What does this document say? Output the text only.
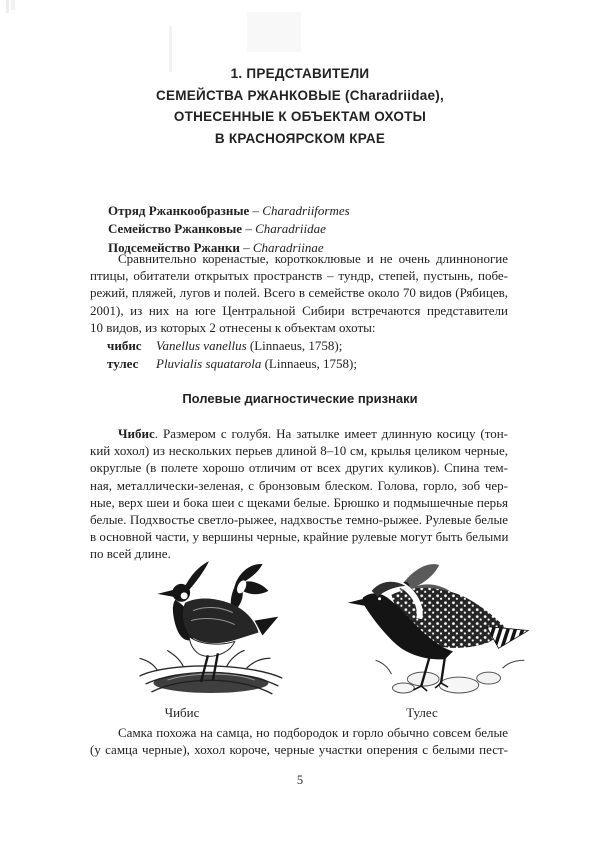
1. ПРЕДСТАВИТЕЛИ
СЕМЕЙСТВА РЖАНКОВЫЕ (Charadriidae),
ОТНЕСЕННЫЕ К ОБЪЕКТАМ ОХОТЫ
В КРАСНОЯРСКОМ КРАЕ
Отряд Ржанкообразные – Charadriiformes
Семейство Ржанковые – Charadriidae
Подсемейство Ржанки – Charadriinae
Сравнительно коренастые, короткоклювые и не очень длинноногие
птицы, обитатели открытых пространств – тундр, степей, пустынь, побе-
режий, пляжей, лугов и полей. Всего в семействе около 70 видов (Рябицев,
2001), из них на юге Центральной Сибири встречаются представители
10 видов, из которых 2 отнесены к объектам охоты:
чибис Vanellus vanellus (Linnaeus, 1758);
тулес Pluvialis squatarola (Linnaeus, 1758);
Полевые диагностические признаки
Чибис. Размером с голубя. На затылке имеет длинную косицу (тон-
кий хохол) из нескольких перьев длиной 8–10 см, крылья целиком черные,
округлые (в полете хорошо отличим от всех других куликов). Спина тем-
ная, металлически-зеленая, с бронзовым блеском. Голова, горло, зоб чер-
ные, верх шеи и бока шеи с щеками белые. Брюшко и подмышечные перья
белые. Подхвостье светло-рыжее, надхвостье темно-рыжее. Рулевые белые
в основной части, у вершины черные, крайние рулевые могут быть белыми
по всей длине.
Чибис	Тулес
Самка похожа на самца, но подбородок и горло обычно совсем белые
(у самца черные), хохол короче, черные участки оперения с белыми пест-
5
